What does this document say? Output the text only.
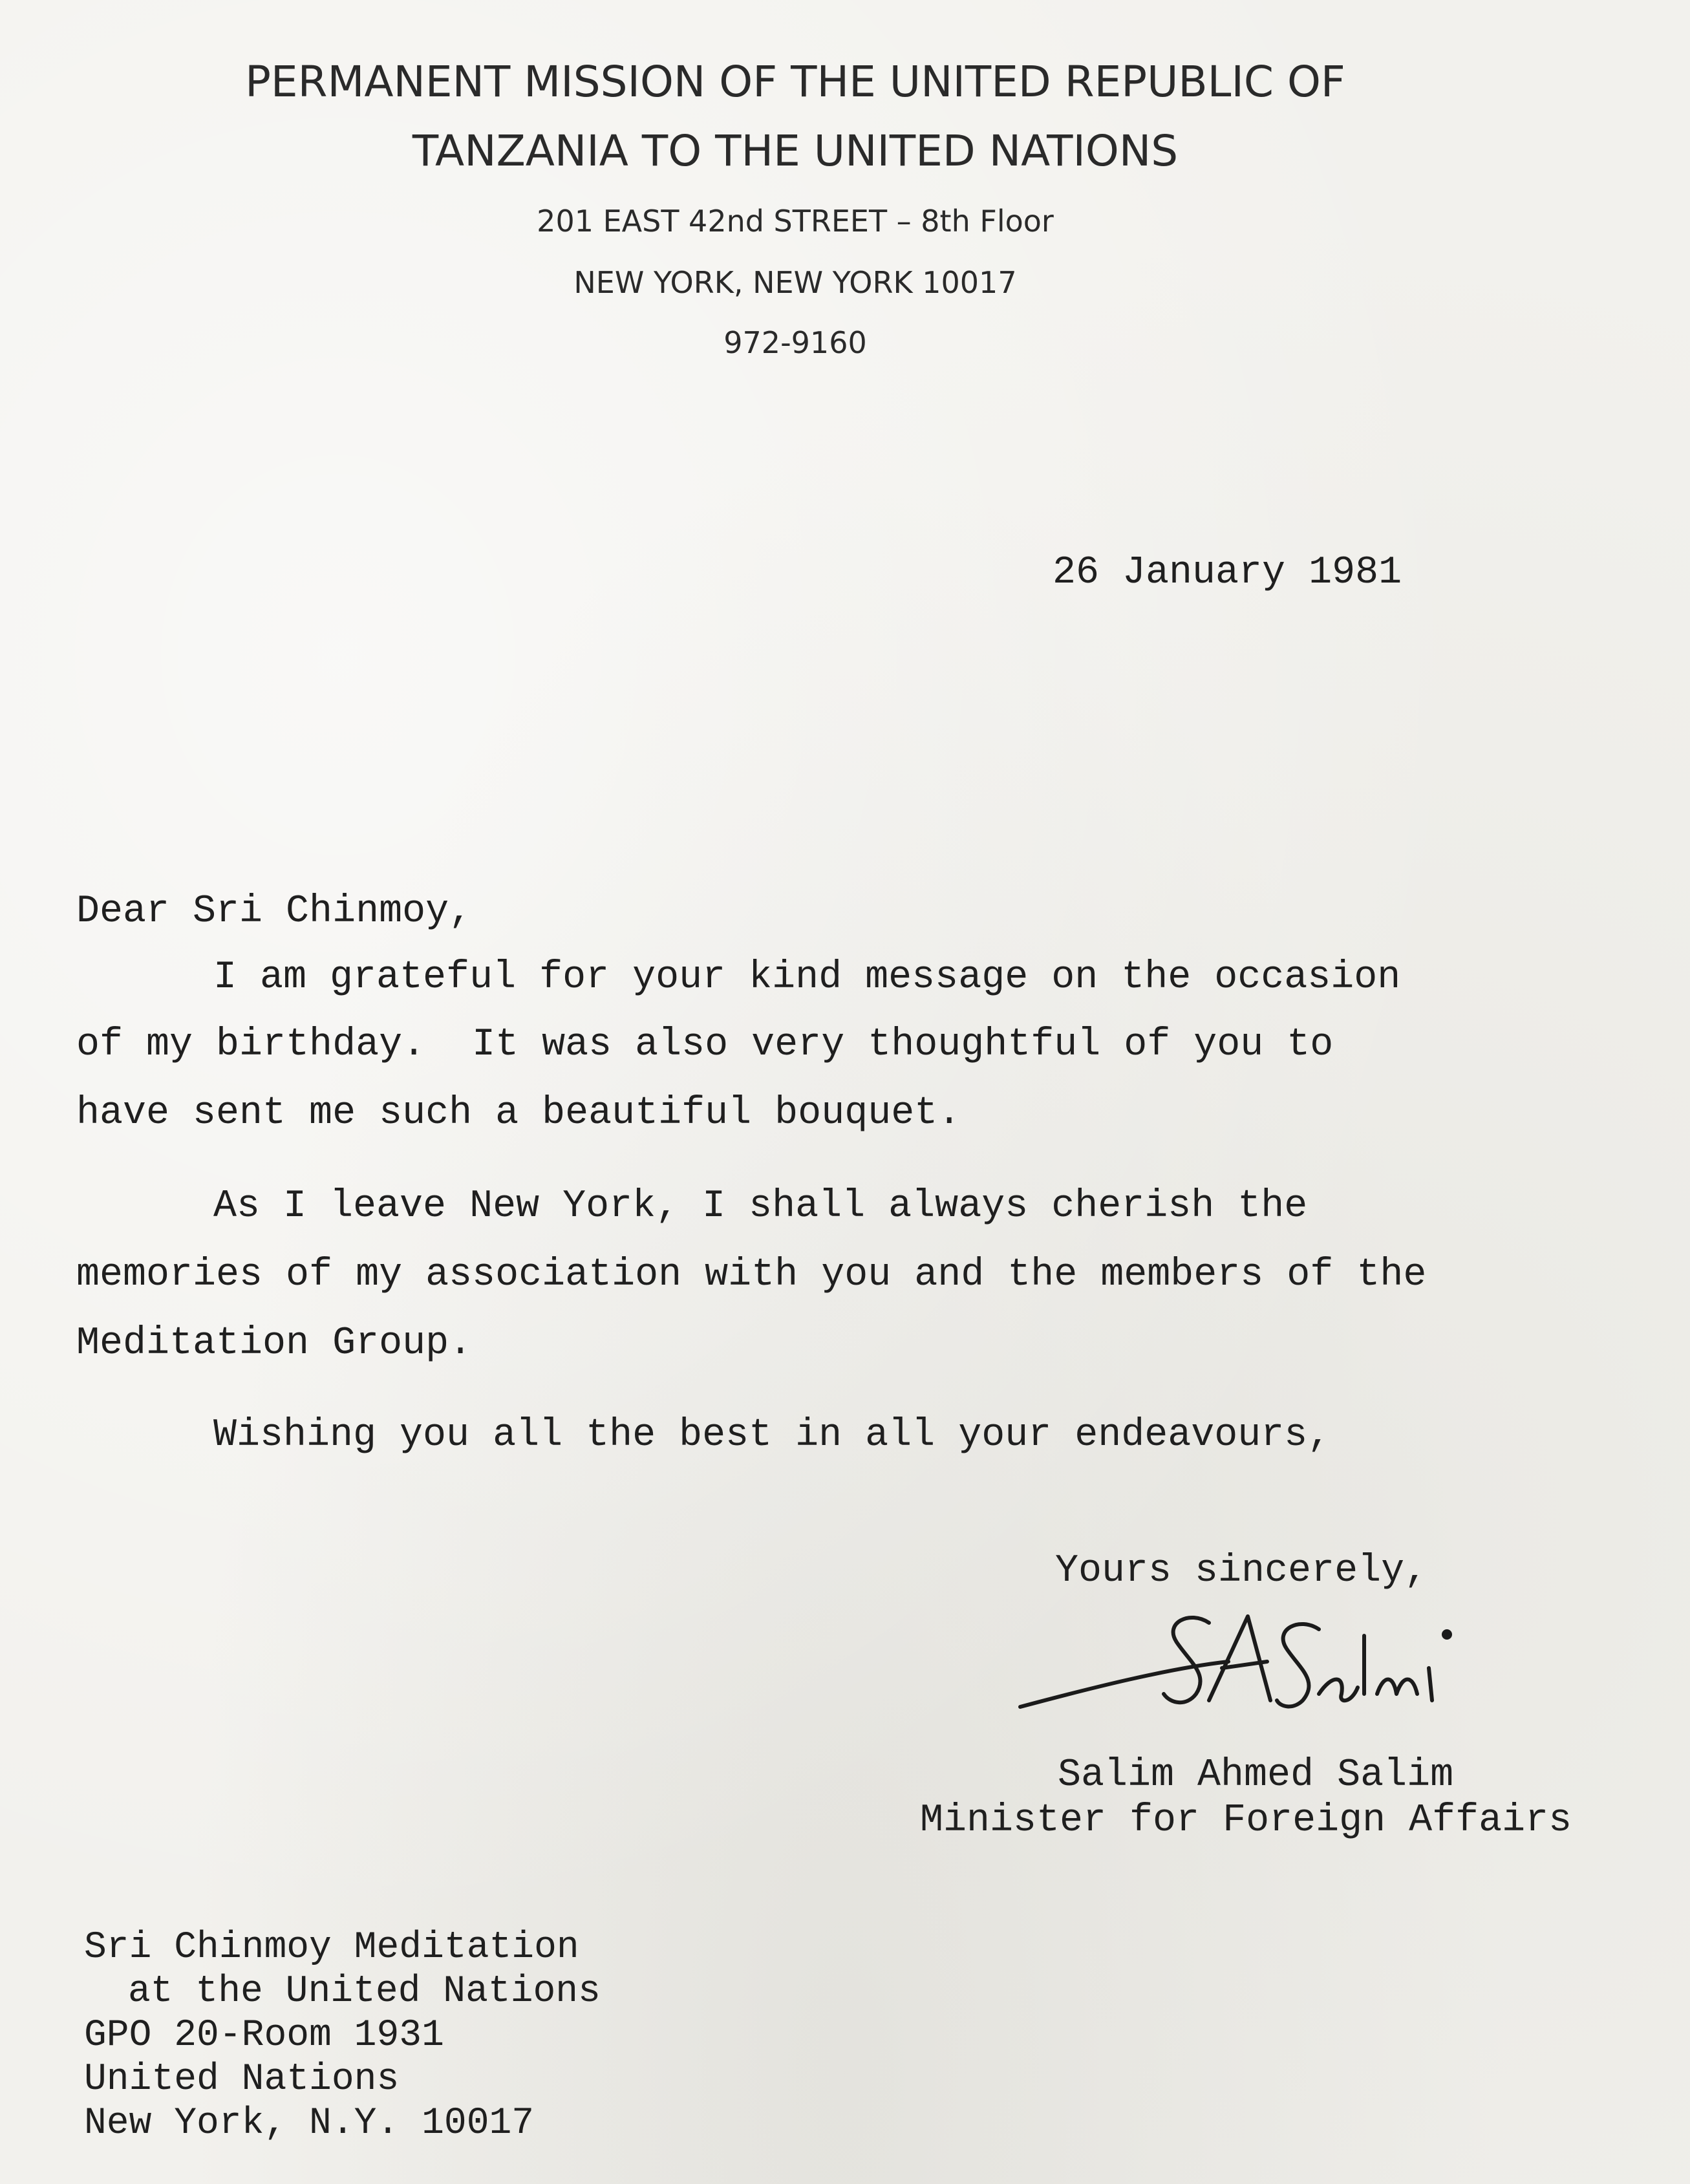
PERMANENT MISSION OF THE UNITED REPUBLIC OF
TANZANIA TO THE UNITED NATIONS
201 EAST 42nd STREET – 8th Floor
NEW YORK, NEW YORK 10017
972-9160
26 January 1981
Dear Sri Chinmoy,
I am grateful for your kind message on the occasion
of my birthday.  It was also very thoughtful of you to
have sent me such a beautiful bouquet.
As I leave New York, I shall always cherish the
memories of my association with you and the members of the
Meditation Group.
Wishing you all the best in all your endeavours,
Yours sincerely,
Salim Ahmed Salim
Minister for Foreign Affairs
Sri Chinmoy Meditation
at the United Nations
GPO 20-Room 1931
United Nations
New York, N.Y. 10017
